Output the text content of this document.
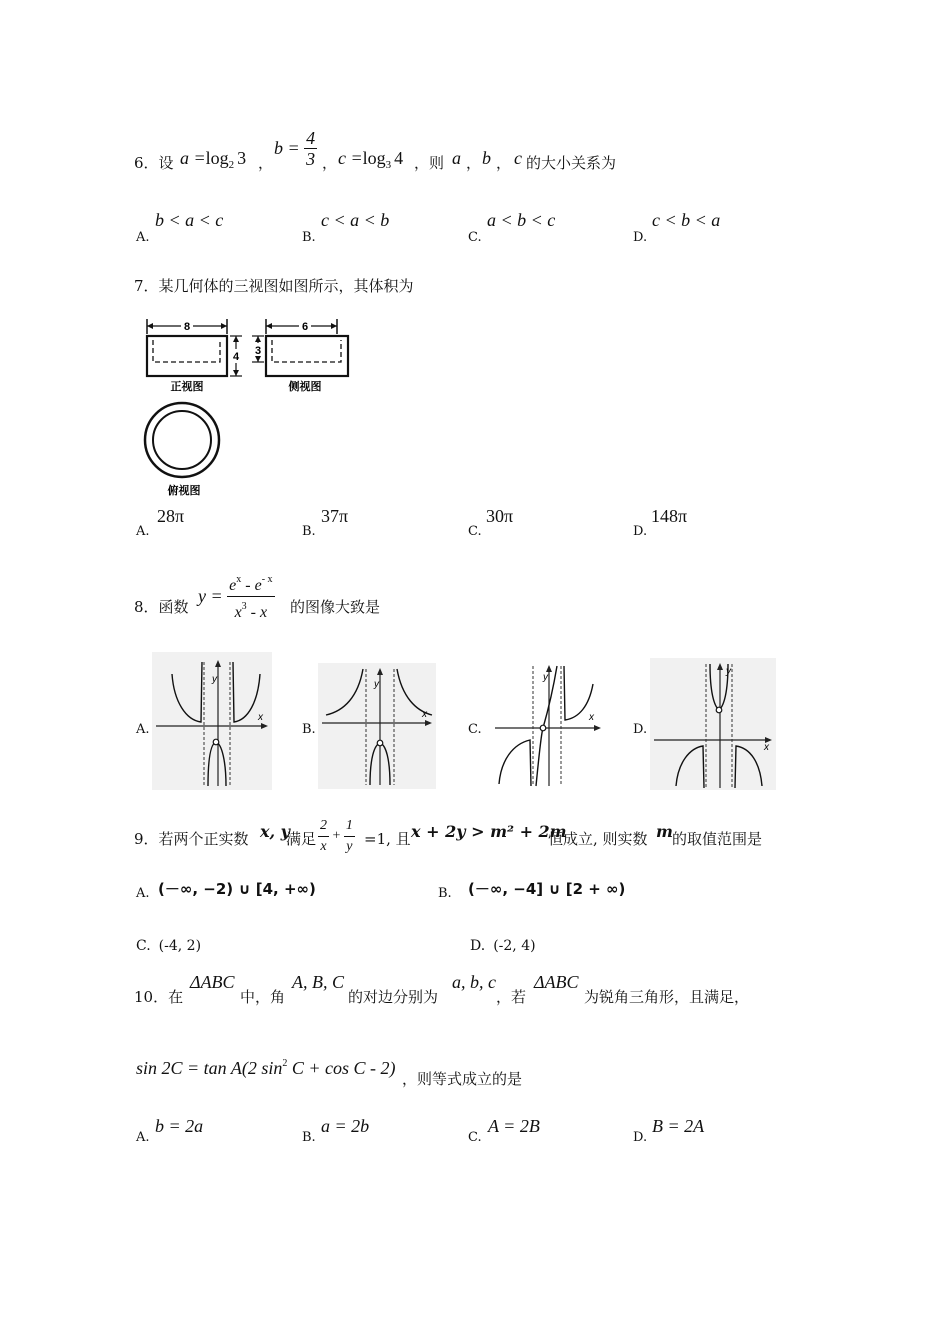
6．设 $a =\log_2$ 3 ，
$b = \frac{4}{3}$ ， $c =\log_3$ 4 ，则 a ， b ， c 的大小关系为
A.
b < a < c
B.
c < a < b
C.
a < b < c
D.
c < b < a
7．某几何体的三视图如图所示，其体积为
8
4
正视图
6
3
侧视图
俯视图
A.
28π
B.
37π
C.
30π
D.
148π
8．函数
$y = \frac{e^x - e^{- x}}{x^3 - x}$ 的图像大致是
A.
x
y
B.
x
y
C.
x
y
D.
x
y
9．若两个正实数 x, y
满足 $\frac{2}{x} + \frac{1}{y} =1$, 且 x + 2y > m² + 2m
恒成立, 则实数 m 的取值范围是
A. (－∞, −2) ∪ [4, +∞)	B. (－∞, −4] ∪ [2 + ∞)
C. (-4, 2)	D. (-2, 4)
10．在
ΔABC
中，角
A, B, C
的对边分别为
a, b, c
，若
ΔABC
为锐角三角形，且满足，
sin 2C = tan A(2 $\sin^2 C + \cos C - 2$)
，则等式成立的是
A.
b = 2a
B.
a = 2b
C.
A = 2B
D.
B = 2A
